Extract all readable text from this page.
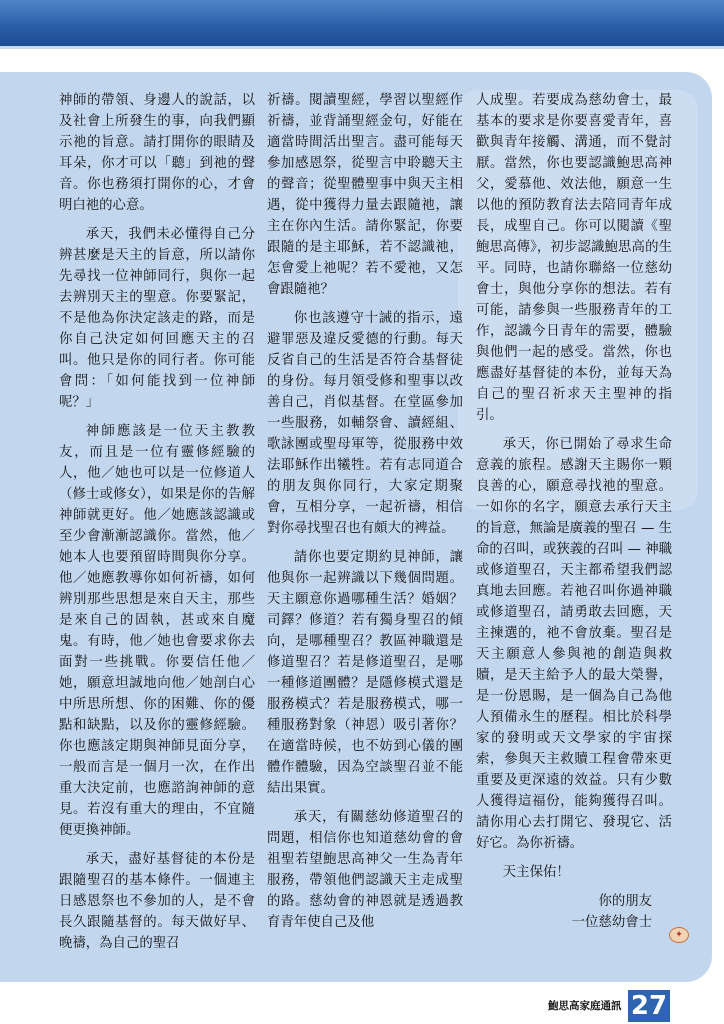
神師的帶領、身邊人的說話，以及社會上所發生的事，向我們顯示祂的旨意。請打開你的眼睛及耳朵，你才可以「聽」到祂的聲音。你也務須打開你的心，才會明白祂的心意。

承天，我們未必懂得自己分辨甚麼是天主的旨意，所以請你先尋找一位神師同行，與你一起去辨別天主的聖意。你要緊記，不是他為你決定該走的路，而是你自己決定如何回應天主的召叫。他只是你的同行者。你可能會問：「如何能找到一位神師呢？」

神師應該是一位天主教教友，而且是一位有靈修經驗的人，他／她也可以是一位修道人（修士或修女），如果是你的告解神師就更好。他／她應該認識或至少會漸漸認識你。當然，他／她本人也要預留時間與你分享。他／她應教導你如何祈禱，如何辨別那些思想是來自天主，那些是來自己的固執，甚或來自魔鬼。有時，他／她也會要求你去面對一些挑戰。你要信任他／她，願意坦誠地向他／她剖白心中所思所想、你的困難、你的優點和缺點，以及你的靈修經驗。你也應該定期與神師見面分享，一般而言是一個月一次，在作出重大決定前，也應諮詢神師的意見。若沒有重大的理由，不宜隨便更換神師。

承天，盡好基督徒的本份是跟隨聖召的基本條件。一個連主日感恩祭也不參加的人，是不會長久跟隨基督的。每天做好早、晚禱，為自己的聖召

祈禱。閱讀聖經，學習以聖經作祈禱，並背誦聖經金句，好能在適當時間活出聖言。盡可能每天參加感恩祭，從聖言中聆聽天主的聲音；從聖體聖事中與天主相遇，從中獲得力量去跟隨祂，讓主在你內生活。請你緊記，你要跟隨的是主耶穌，若不認識祂，怎會愛上祂呢？若不愛祂，又怎會跟隨祂？

你也該遵守十誡的指示，遠避罪惡及違反愛德的行動。每天反省自己的生活是否符合基督徒的身份。每月領受修和聖事以改善自己，肖似基督。在堂區參加一些服務，如輔祭會、讀經組、歌詠團或聖母軍等，從服務中效法耶穌作出犧牲。若有志同道合的朋友與你同行，大家定期聚會，互相分享，一起祈禱，相信對你尋找聖召也有頗大的裨益。

請你也要定期約見神師，讓他與你一起辨識以下幾個問題。天主願意你過哪種生活？婚姻？司鐸？修道？若有獨身聖召的傾向，是哪種聖召？教區神職還是修道聖召？若是修道聖召，是哪一種修道團體？是隱修模式還是服務模式？若是服務模式，哪一種服務對象（神恩）吸引著你？在適當時候，也不妨到心儀的團體作體驗，因為空談聖召並不能結出果實。

承天，有關慈幼修道聖召的問題，相信你也知道慈幼會的會祖聖若望鮑思高神父一生為青年服務，帶領他們認識天主走成聖的路。慈幼會的神恩就是透過教育青年使自己及他

人成聖。若要成為慈幼會士，最基本的要求是你要喜愛青年，喜歡與青年接觸、溝通，而不覺討厭。當然，你也要認識鮑思高神父，愛慕他、效法他，願意一生以他的預防教育法去陪同青年成長，成聖自己。你可以閱讀《聖鮑思高傳》，初步認識鮑思高的生平。同時，也請你聯絡一位慈幼會士，與他分享你的想法。若有可能，請參與一些服務青年的工作，認識今日青年的需要，體驗與他們一起的感受。當然，你也應盡好基督徒的本份，並每天為自己的聖召祈求天主聖神的指引。

承天，你已開始了尋求生命意義的旅程。感謝天主賜你一顆良善的心，願意尋找祂的聖意。一如你的名字，願意去承行天主的旨意，無論是廣義的聖召 — 生命的召叫，或狹義的召叫 — 神職或修道聖召，天主都希望我們認真地去回應。若祂召叫你過神職或修道聖召，請勇敢去回應，天主揀選的，祂不會放棄。聖召是天主願意人參與祂的創造與救贖，是天主給予人的最大榮譽，是一份恩賜，是一個為自己為他人預備永生的歷程。相比於科學家的發明或天文學家的宇宙探索，參與天主救贖工程會帶來更重要及更深遠的效益。只有少數人獲得這福份，能夠獲得召叫。請你用心去打開它、發現它、活好它。為你祈禱。

天主保佑！

你的朋友
一位慈幼會士
✦
鮑思高家庭通訊 27
